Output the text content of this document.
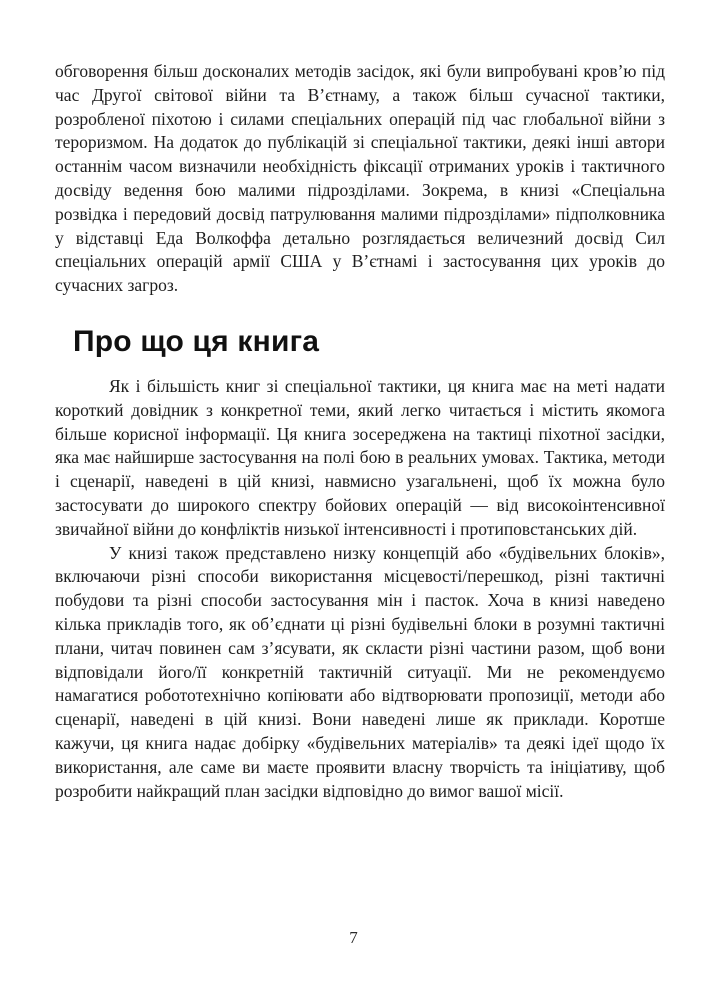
обговорення більш досконалих методів засідок, які були випробувані кров’ю під час Другої світової війни та В’єтнаму, а також більш сучасної тактики, розробленої піхотою і силами спеціальних операцій під час глобальної війни з тероризмом. На додаток до публікацій зі спеціальної тактики, деякі інші автори останнім часом визначили необхідність фіксації отриманих уроків і тактичного досвіду ведення бою малими підрозділами. Зокрема, в книзі «Спеціальна розвідка і передовий досвід патрулювання малими підрозділами» підполковника у відставці Еда Волкоффа детально розглядається величезний досвід Сил спеціальних операцій армії США у В’єтнамі і застосування цих уроків до сучасних загроз.

Про що ця книга

Як і більшість книг зі спеціальної тактики, ця книга має на меті надати короткий довідник з конкретної теми, який легко читається і містить якомога більше корисної інформації. Ця книга зосереджена на тактиці піхотної засідки, яка має найширше застосування на полі бою в реальних умовах. Тактика, методи і сценарії, наведені в цій книзі, навмисно узагальнені, щоб їх можна було застосувати до широкого спектру бойових операцій — від високоінтенсивної звичайної війни до конфліктів низької інтенсивності і протиповстанських дій.

У книзі також представлено низку концепцій або «будівельних блоків», включаючи різні способи використання місцевості/перешкод, різні тактичні побудови та різні способи застосування мін і пасток. Хоча в книзі наведено кілька прикладів того, як об’єднати ці різні будівельні блоки в розумні тактичні плани, читач повинен сам з’ясувати, як скласти різні частини разом, щоб вони відповідали його/її конкретній тактичній ситуації. Ми не рекомендуємо намагатися робототехнічно копіювати або відтворювати пропозиції, методи або сценарії, наведені в цій книзі. Вони наведені лише як приклади. Коротше кажучи, ця книга надає добірку «будівельних матеріалів» та деякі ідеї щодо їх використання, але саме ви маєте проявити власну творчість та ініціативу, щоб розробити найкращий план засідки відповідно до вимог вашої місії.

7
